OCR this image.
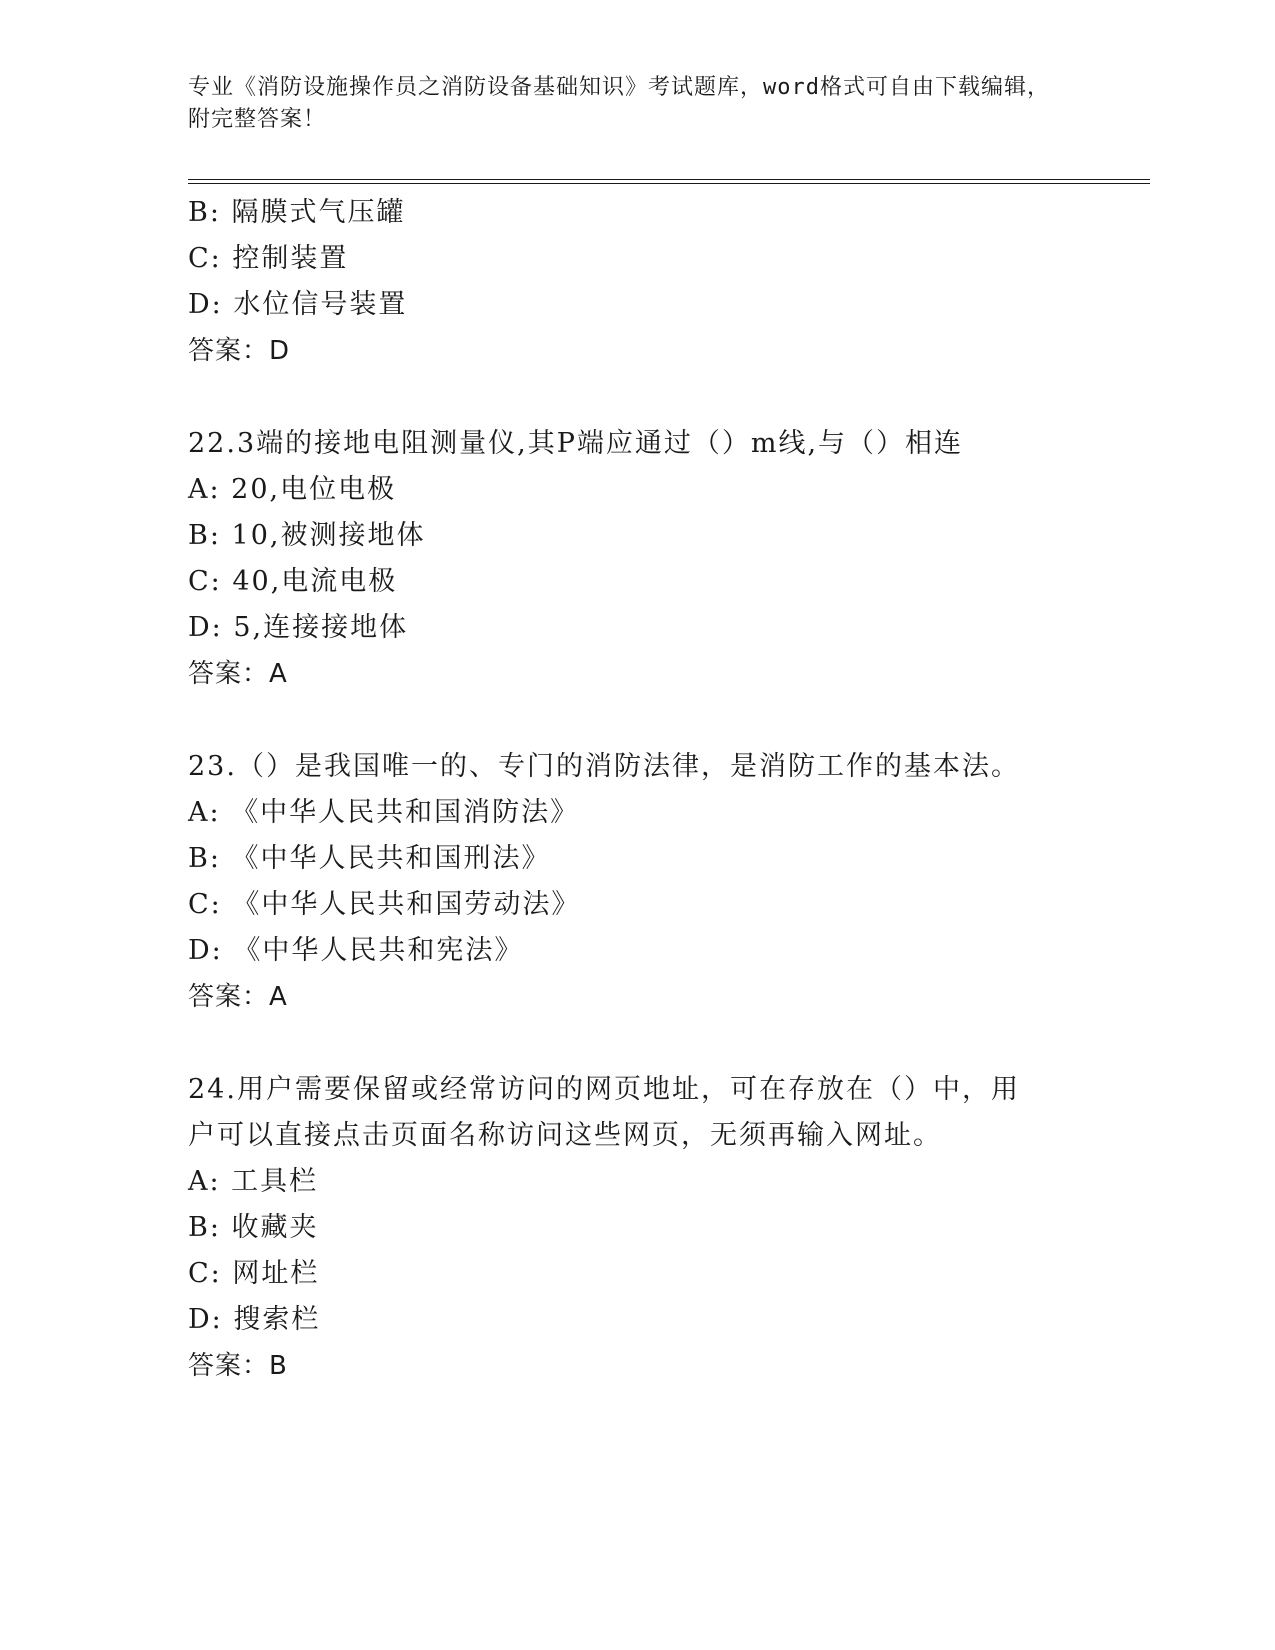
专业《消防设施操作员之消防设备基础知识》考试题库，word格式可自由下载编辑，附完整答案！
B: 隔膜式气压罐
C: 控制装置
D: 水位信号装置
答案：D
22.3端的接地电阻测量仪,其P端应通过（）m线,与（）相连
A: 20,电位电极
B: 10,被测接地体
C: 40,电流电极
D: 5,连接接地体
答案：A
23.（）是我国唯一的、专门的消防法律，是消防工作的基本法。
A: 《中华人民共和国消防法》
B: 《中华人民共和国刑法》
C: 《中华人民共和国劳动法》
D: 《中华人民共和宪法》
答案：A
24.用户需要保留或经常访问的网页地址，可在存放在（）中，用户可以直接点击页面名称访问这些网页，无须再输入网址。
A: 工具栏
B: 收藏夹
C: 网址栏
D: 搜索栏
答案：B
